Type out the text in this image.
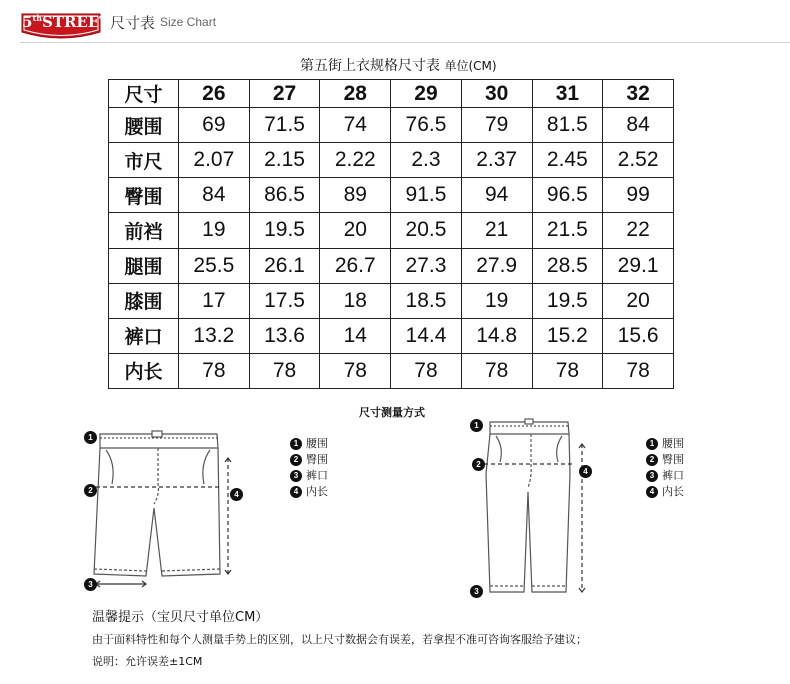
5thSTREET 尺寸表 Size Chart
第五街上衣规格尺寸表 单位(CM)
尺寸	26	27	28	29	30	31	32
腰围	69	71.5	74	76.5	79	81.5	84
市尺	2.07	2.15	2.22	2.3	2.37	2.45	2.52
臀围	84	86.5	89	91.5	94	96.5	99
前裆	19	19.5	20	20.5	21	21.5	22
腿围	25.5	26.1	26.7	27.3	27.9	28.5	29.1
膝围	17	17.5	18	18.5	19	19.5	20
裤口	13.2	13.6	14	14.4	14.8	15.2	15.6
内长	78	78	78	78	78	78	78
尺寸测量方式
1
2
3
4
1 腰围
2 臀围
3 裤口
4 内长
1
2
3
4
1 腰围
2 臀围
3 裤口
4 内长
温馨提示（宝贝尺寸单位CM）
由于面料特性和每个人测量手势上的区别，以上尺寸数据会有误差，若拿捏不准可咨询客服给予建议；
说明：允许误差±1CM
